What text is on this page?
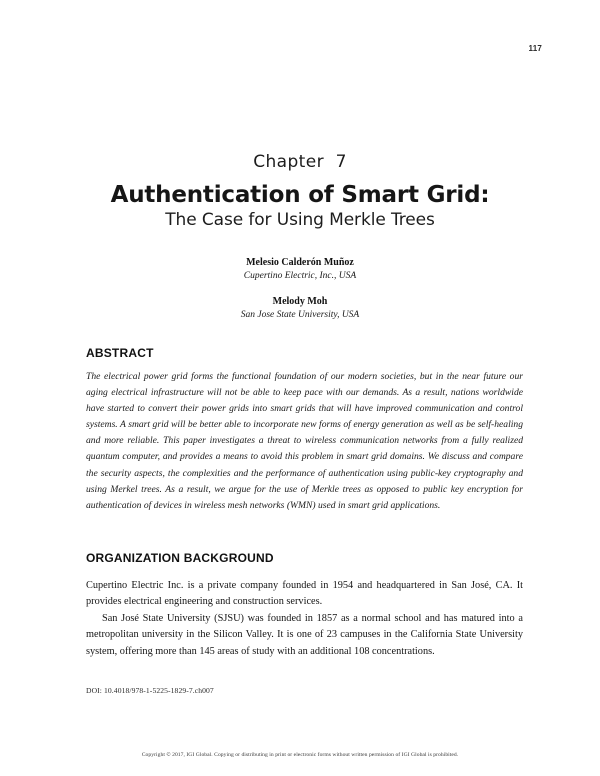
117
Chapter  7
Authentication of Smart Grid:
The Case for Using Merkle Trees
Melesio Calderón Muñoz
Cupertino Electric, Inc., USA
Melody Moh
San Jose State University, USA
ABSTRACT
The electrical power grid forms the functional foundation of our modern societies, but in the near future our aging electrical infrastructure will not be able to keep pace with our demands. As a result, nations worldwide have started to convert their power grids into smart grids that will have improved communication and control systems. A smart grid will be better able to incorporate new forms of energy generation as well as be self-healing and more reliable. This paper investigates a threat to wireless communication networks from a fully realized quantum computer, and provides a means to avoid this problem in smart grid domains. We discuss and compare the security aspects, the complexities and the performance of authentication using public-key cryptography and using Merkel trees. As a result, we argue for the use of Merkle trees as opposed to public key encryption for authentication of devices in wireless mesh networks (WMN) used in smart grid applications.
ORGANIZATION BACKGROUND

Cupertino Electric Inc. is a private company founded in 1954 and headquartered in San José, CA. It provides electrical engineering and construction services.

San José State University (SJSU) was founded in 1857 as a normal school and has matured into a metropolitan university in the Silicon Valley. It is one of 23 campuses in the California State University system, offering more than 145 areas of study with an additional 108 concentrations.

DOI: 10.4018/978-1-5225-1829-7.ch007
Copyright © 2017, IGI Global. Copying or distributing in print or electronic forms without written permission of IGI Global is prohibited.
